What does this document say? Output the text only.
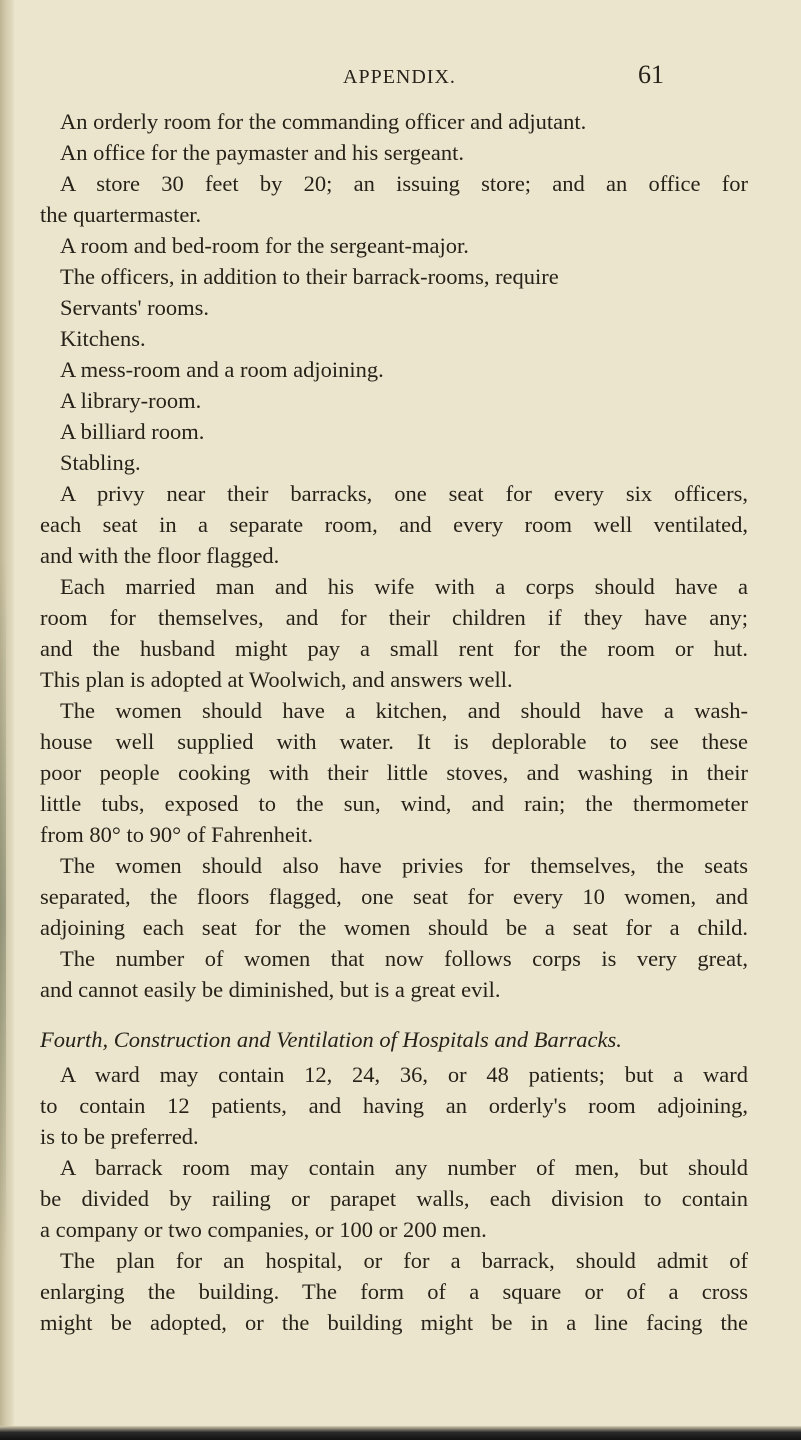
APPENDIX.	61
An orderly room for the commanding officer and adjutant.
An office for the paymaster and his sergeant.
A store 30 feet by 20; an issuing store; and an office for
the quartermaster.
A room and bed-room for the sergeant-major.
The officers, in addition to their barrack-rooms, require
Servants' rooms.
Kitchens.
A mess-room and a room adjoining.
A library-room.
A billiard room.
Stabling.
A privy near their barracks, one seat for every six officers,
each seat in a separate room, and every room well ventilated,
and with the floor flagged.
Each married man and his wife with a corps should have a
room for themselves, and for their children if they have any;
and the husband might pay a small rent for the room or hut.
This plan is adopted at Woolwich, and answers well.
The women should have a kitchen, and should have a wash-
house well supplied with water. It is deplorable to see these
poor people cooking with their little stoves, and washing in their
little tubs, exposed to the sun, wind, and rain; the thermometer
from 80° to 90° of Fahrenheit.
The women should also have privies for themselves, the seats
separated, the floors flagged, one seat for every 10 women, and
adjoining each seat for the women should be a seat for a child.
The number of women that now follows corps is very great,
and cannot easily be diminished, but is a great evil.
Fourth, Construction and Ventilation of Hospitals and Barracks.
A ward may contain 12, 24, 36, or 48 patients; but a ward
to contain 12 patients, and having an orderly's room adjoining,
is to be preferred.
A barrack room may contain any number of men, but should
be divided by railing or parapet walls, each division to contain
a company or two companies, or 100 or 200 men.
The plan for an hospital, or for a barrack, should admit of
enlarging the building. The form of a square or of a cross
might be adopted, or the building might be in a line facing the
